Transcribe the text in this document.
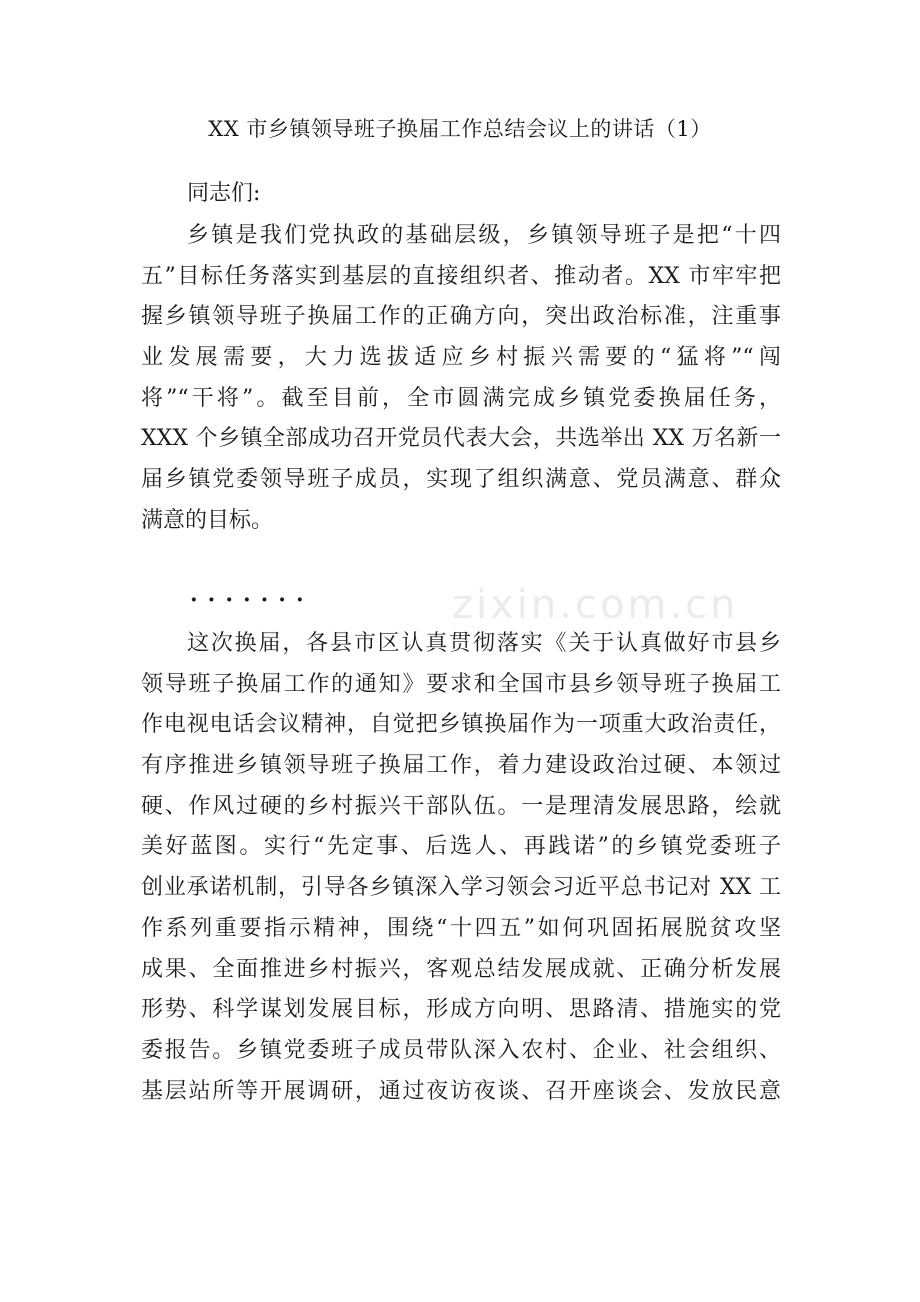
zixin.com.cn
XX 市乡镇领导班子换届工作总结会议上的讲话（1）
同志们:
乡镇是我们党执政的基础层级，乡镇领导班子是把“十四
五”目标任务落实到基层的直接组织者、推动者。XX 市牢牢把
握乡镇领导班子换届工作的正确方向，突出政治标准，注重事
业发展需要，大力选拔适应乡村振兴需要的“猛将”“闯
将”“干将”。截至目前，全市圆满完成乡镇党委换届任务，
XXX 个乡镇全部成功召开党员代表大会，共选举出 XX 万名新一
届乡镇党委领导班子成员，实现了组织满意、党员满意、群众
满意的目标。
·······
这次换届，各县市区认真贯彻落实《关于认真做好市县乡
领导班子换届工作的通知》要求和全国市县乡领导班子换届工
作电视电话会议精神，自觉把乡镇换届作为一项重大政治责任，
有序推进乡镇领导班子换届工作，着力建设政治过硬、本领过
硬、作风过硬的乡村振兴干部队伍。一是理清发展思路，绘就
美好蓝图。实行“先定事、后选人、再践诺”的乡镇党委班子
创业承诺机制，引导各乡镇深入学习领会习近平总书记对 XX 工
作系列重要指示精神，围绕“十四五”如何巩固拓展脱贫攻坚
成果、全面推进乡村振兴，客观总结发展成就、正确分析发展
形势、科学谋划发展目标，形成方向明、思路清、措施实的党
委报告。乡镇党委班子成员带队深入农村、企业、社会组织、
基层站所等开展调研，通过夜访夜谈、召开座谈会、发放民意
